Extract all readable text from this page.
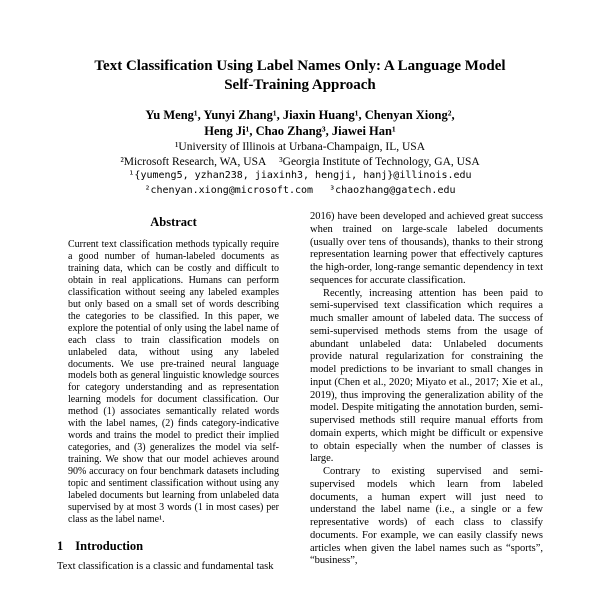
Text Classification Using Label Names Only: A Language Model
Self-Training Approach
Yu Meng¹, Yunyi Zhang¹, Jiaxin Huang¹, Chenyan Xiong²,
Heng Ji¹, Chao Zhang³, Jiawei Han¹
¹University of Illinois at Urbana-Champaign, IL, USA
²Microsoft Research, WA, USA ³Georgia Institute of Technology, GA, USA
¹{yumeng5, yzhan238, jiaxinh3, hengji, hanj}@illinois.edu
²chenyan.xiong@microsoft.com ³chaozhang@gatech.edu
Abstract

Current text classification methods typically require a good number of human-labeled documents as training data, which can be costly and difficult to obtain in real applications. Humans can perform classification without seeing any labeled examples but only based on a small set of words describing the categories to be classified. In this paper, we explore the potential of only using the label name of each class to train classification models on unlabeled data, without using any labeled documents. We use pre-trained neural language models both as general linguistic knowledge sources for category understanding and as representation learning models for document classification. Our method (1) associates semantically related words with the label names, (2) finds category-indicative words and trains the model to predict their implied categories, and (3) generalizes the model via self-training. We show that our model achieves around 90% accuracy on four benchmark datasets including topic and sentiment classification without using any labeled documents but learning from unlabeled data supervised by at most 3 words (1 in most cases) per class as the label name¹.

1 Introduction

Text classification is a classic and fundamental task

2016) have been developed and achieved great success when trained on large-scale labeled documents (usually over tens of thousands), thanks to their strong representation learning power that effectively captures the high-order, long-range semantic dependency in text sequences for accurate classification.

Recently, increasing attention has been paid to semi-supervised text classification which requires a much smaller amount of labeled data. The success of semi-supervised methods stems from the usage of abundant unlabeled data: Unlabeled documents provide natural regularization for constraining the model predictions to be invariant to small changes in input (Chen et al., 2020; Miyato et al., 2017; Xie et al., 2019), thus improving the generalization ability of the model. Despite mitigating the annotation burden, semi-supervised methods still require manual efforts from domain experts, which might be difficult or expensive to obtain especially when the number of classes is large.

Contrary to existing supervised and semi-supervised models which learn from labeled documents, a human expert will just need to understand the label name (i.e., a single or a few representative words) of each class to classify documents. For example, we can easily classify news articles when given the label names such as “sports”, “business”,
